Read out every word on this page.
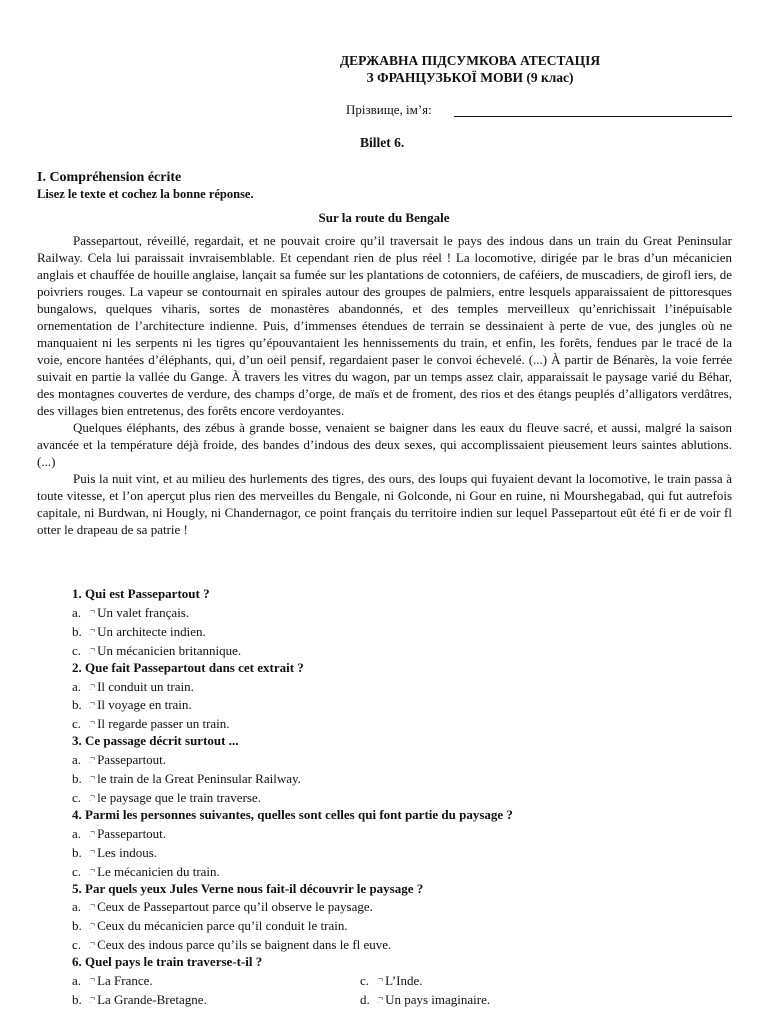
ДЕРЖАВНА ПІДСУМКОВА АТЕСТАЦІЯ
З ФРАНЦУЗЬКОЇ МОВИ (9 клас)
Прізвище, ім’я:
Billet 6.
I. Compréhension écrite
Lisez le texte et cochez la bonne réponse.
Sur la route du Bengale

Passepartout, réveillé, regardait, et ne pouvait croire qu’il traversait le pays des indous dans un train du Great Peninsular Railway. Cela lui paraissait invraisemblable. Et cependant rien de plus réel ! La locomotive, dirigée par le bras d’un mécanicien anglais et chauffée de houille anglaise, lançait sa fumée sur les plantations de cotonniers, de caféiers, de muscadiers, de girofl iers, de poivriers rouges. La vapeur se contournait en spirales autour des groupes de palmiers, entre lesquels apparaissaient de pittoresques bungalows, quelques viharis, sortes de monastères abandonnés, et des temples merveilleux qu’enrichissait l’inépuisable ornementation de l’architecture indienne. Puis, d’immenses étendues de terrain se dessinaient à perte de vue, des jungles où ne manquaient ni les serpents ni les tigres qu’épouvantaient les hennissements du train, et enfin, les forêts, fendues par le tracé de la voie, encore hantées d’éléphants, qui, d’un oeil pensif, regardaient paser le convoi échevelé. (...) À partir de Bénarès, la voie ferrée suivait en partie la vallée du Gange. À travers les vitres du wagon, par un temps assez clair, apparaissait le paysage varié du Béhar, des montagnes couvertes de verdure, des champs d’orge, de maïs et de froment, des rios et des étangs peuplés d’alligators verdâtres, des villages bien entretenus, des forêts encore verdoyantes.

Quelques éléphants, des zébus à grande bosse, venaient se baigner dans les eaux du fleuve sacré, et aussi, malgré la saison avancée et la température déjà froide, des bandes d’indous des deux sexes, qui accomplissaient pieusement leurs saintes ablutions. (...)

Puis la nuit vint, et au milieu des hurlements des tigres, des ours, des loups qui fuyaient devant la locomotive, le train passa à toute vitesse, et l’on aperçut plus rien des merveilles du Bengale, ni Golconde, ni Gour en ruine, ni Mourshegabad, qui fut autrefois capitale, ni Burdwan, ni Hougly, ni Chandernagor, ce point français du territoire indien sur lequel Passepartout eût été fi er de voir fl otter le drapeau de sa patrie !

1. Qui est Passepartout ?
a. ¬ׅ Un valet français.
b. ¬ׅ Un architecte indien.
c. ¬ׅ Un mécanicien britannique.
2. Que fait Passepartout dans cet extrait ?
a. ¬ׅ Il conduit un train.
b. ¬ׅ Il voyage en train.
c. ¬ׅ Il regarde passer un train.
3. Ce passage décrit surtout ...
a. ¬ׅ Passepartout.
b. ¬ׅ le train de la Great Peninsular Railway.
c. ¬ׅ le paysage que le train traverse.
4. Parmi les personnes suivantes, quelles sont celles qui font partie du paysage ?
a. ¬ׅ Passepartout.
b. ¬ׅ Les indous.
c. ¬ׅ Le mécanicien du train.
5. Par quels yeux Jules Verne nous fait-il découvrir le paysage ?
a. ¬ׅ Ceux de Passepartout parce qu’il observe le paysage.
b. ¬ׅ Ceux du mécanicien parce qu’il conduit le train.
c. ¬ׅ Ceux des indous parce qu’ils se baignent dans le fl euve.
6. Quel pays le train traverse-t-il ?
a. ¬ׅ La France.	c. ¬ׅ L’Inde.
b. ¬ׅ La Grande-Bretagne.	d. ¬ׅ Un pays imaginaire.
